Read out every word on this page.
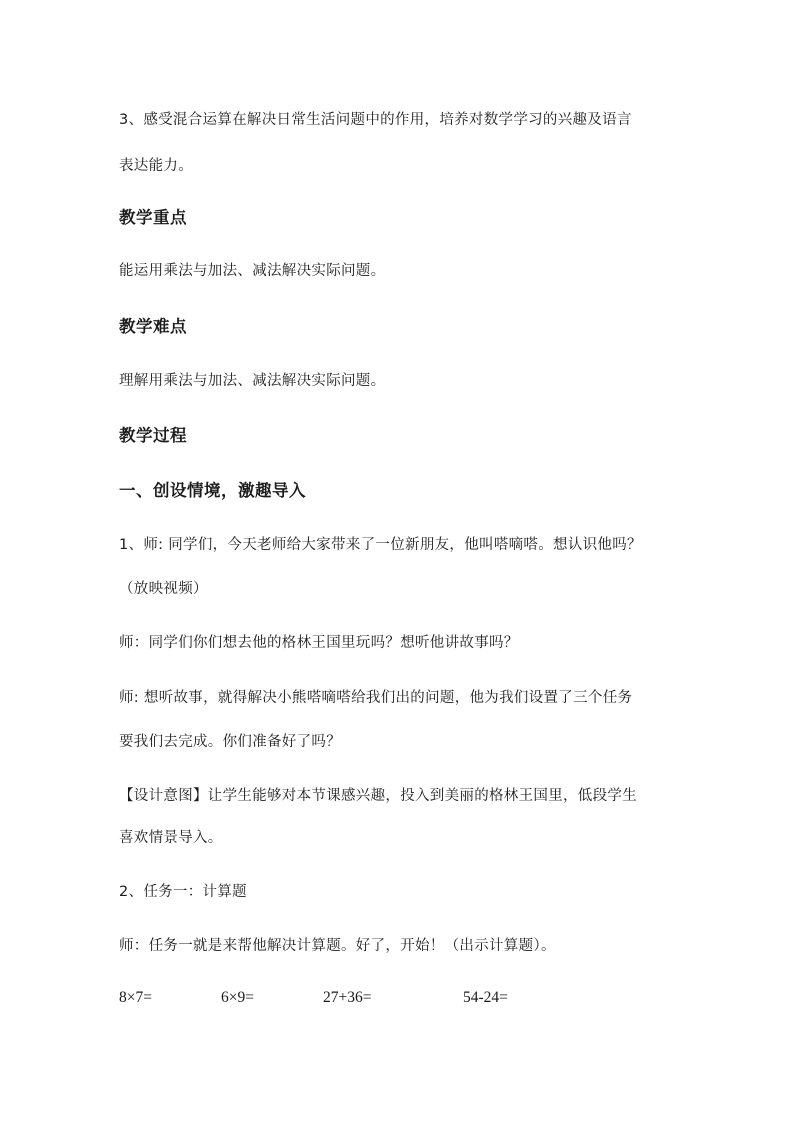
3、感受混合运算在解决日常生活问题中的作用，培养对数学学习的兴趣及语言
表达能力。
教学重点
能运用乘法与加法、减法解决实际问题。
教学难点
理解用乘法与加法、减法解决实际问题。
教学过程
一、创设情境，激趣导入
1、师: 同学们，今天老师给大家带来了一位新朋友，他叫嗒嘀嗒。想认识他吗？
（放映视频）
师：同学们你们想去他的格林王国里玩吗？想听他讲故事吗？
师: 想听故事，就得解决小熊嗒嘀嗒给我们出的问题，他为我们设置了三个任务
要我们去完成。你们准备好了吗？
【设计意图】让学生能够对本节课感兴趣，投入到美丽的格林王国里，低段学生
喜欢情景导入。
2、任务一：计算题
师：任务一就是来帮他解决计算题。好了，开始！（出示计算题）。
8×7=	6×9=	27+36=	54-24=
